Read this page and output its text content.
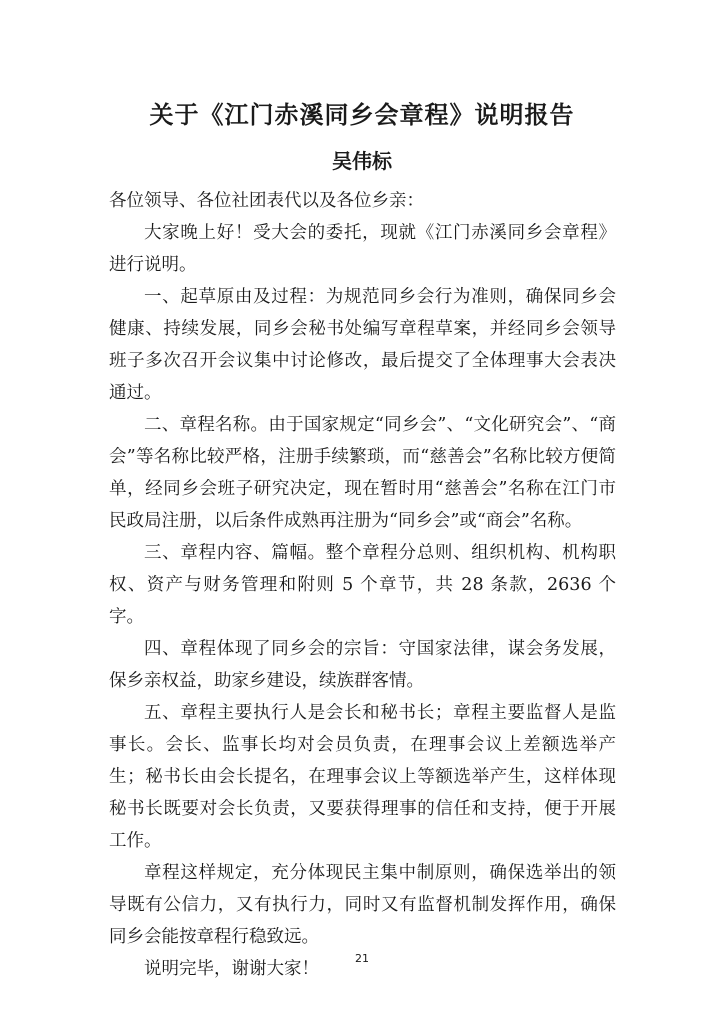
关于《江门赤溪同乡会章程》说明报告
吴伟标

各位领导、各位社团表代以及各位乡亲：

大家晚上好！受大会的委托，现就《江门赤溪同乡会章程》进行说明。

一、起草原由及过程：为规范同乡会行为准则，确保同乡会健康、持续发展，同乡会秘书处编写章程草案，并经同乡会领导班子多次召开会议集中讨论修改，最后提交了全体理事大会表决通过。

二、章程名称。由于国家规定“同乡会”、“文化研究会”、“商会”等名称比较严格，注册手续繁琐，而“慈善会”名称比较方便简单，经同乡会班子研究决定，现在暂时用“慈善会”名称在江门市民政局注册，以后条件成熟再注册为“同乡会”或“商会”名称。

三、章程内容、篇幅。整个章程分总则、组织机构、机构职权、资产与财务管理和附则 5 个章节，共 28 条款，2636 个字。

四、章程体现了同乡会的宗旨：守国家法律，谋会务发展，保乡亲权益，助家乡建设，续族群客情。

五、章程主要执行人是会长和秘书长；章程主要监督人是监事长。会长、监事长均对会员负责，在理事会议上差额选举产生；秘书长由会长提名，在理事会议上等额选举产生，这样体现秘书长既要对会长负责，又要获得理事的信任和支持，便于开展工作。

章程这样规定，充分体现民主集中制原则，确保选举出的领导既有公信力，又有执行力，同时又有监督机制发挥作用，确保同乡会能按章程行稳致远。

说明完毕，谢谢大家！

21
